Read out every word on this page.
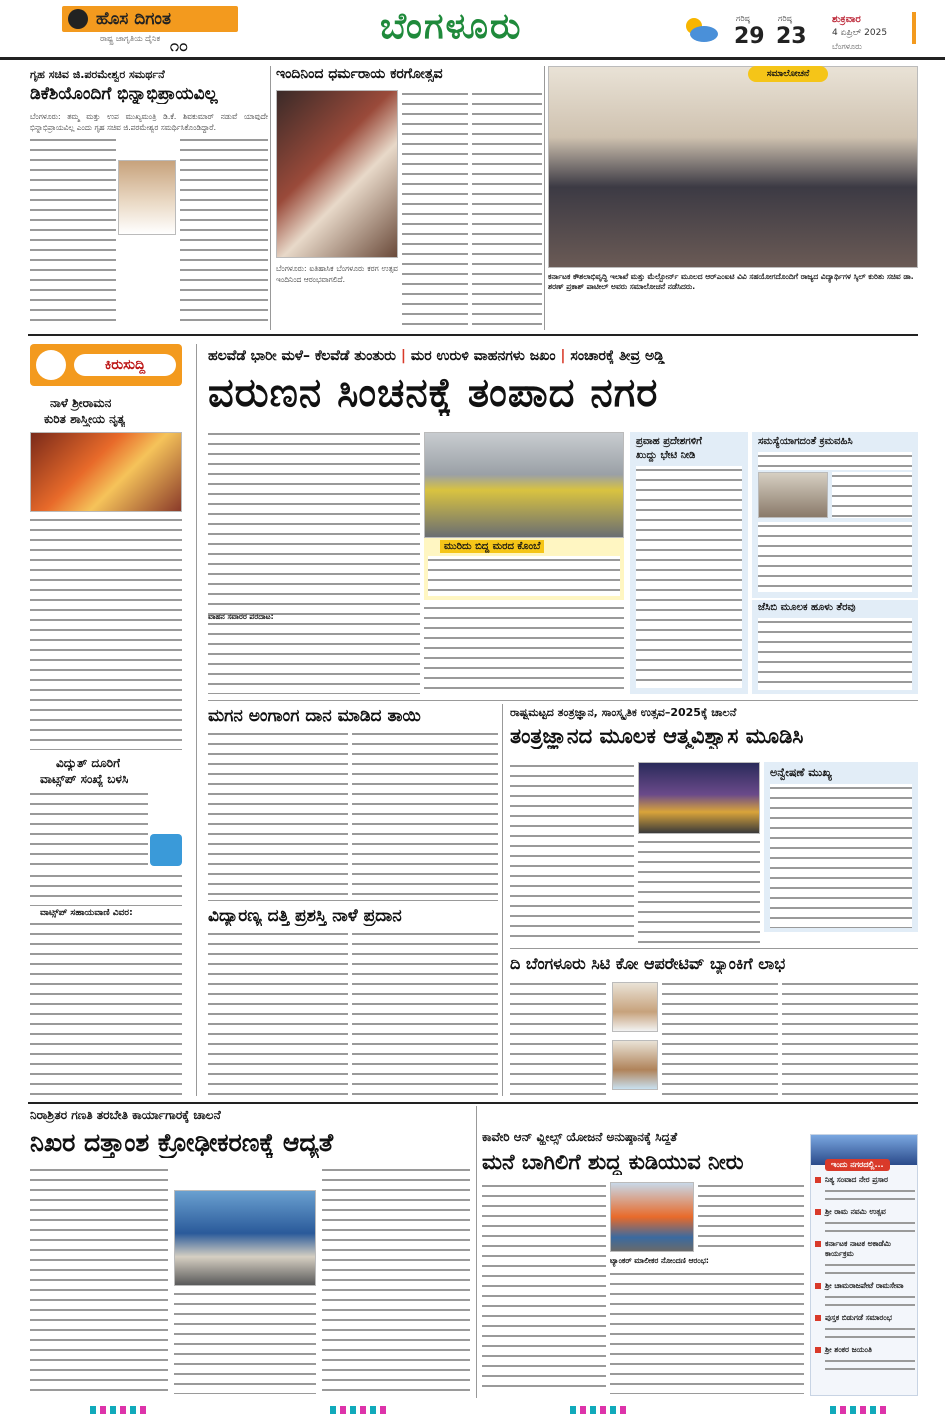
ಹೊಸ ದಿಗಂತ
ರಾಷ್ಟ್ರ ಜಾಗೃತಿಯ ದೈನಿಕ ೧೦	ಬೆಂಗಳೂರು	ಗರಿಷ್ಠ
29
ಗರಿಷ್ಠ
23
ಶುಕ್ರವಾರ
4 ಏಪ್ರಿಲ್ 2025
ಬೆಂಗಳೂರು
ಗೃಹ ಸಚಿವ ಜಿ.ಪರಮೇಶ್ವರ ಸಮರ್ಥನೆ
ಡಿಕೆಶಿಯೊಂದಿಗೆ ಭಿನ್ನಾಭಿಪ್ರಾಯವಿಲ್ಲ
ಬೆಂಗಳೂರು: ತಮ್ಮ ಮತ್ತು ಉಪ ಮುಖ್ಯಮಂತ್ರಿ ಡಿ.ಕೆ. ಶಿವಕುಮಾರ್ ನಡುವೆ ಯಾವುದೇ ಭಿನ್ನಾಭಿಪ್ರಾಯವಿಲ್ಲ ಎಂದು ಗೃಹ ಸಚಿವ ಜಿ.ಪರಮೇಶ್ವರ ಸಮರ್ಥಿಸಿಕೊಂಡಿದ್ದಾರೆ.
ಇಂದಿನಿಂದ ಧರ್ಮರಾಯ ಕರಗೋತ್ಸವ
ಬೆಂಗಳೂರು: ಐತಿಹಾಸಿಕ ಬೆಂಗಳೂರು ಕರಗ ಉತ್ಸವ ಇಂದಿನಿಂದ ಆರಂಭವಾಗಲಿದೆ.
ಸಮಾಲೋಚನೆ
ಕರ್ನಾಟಕ ಕೌಶಲಾಭಿವೃದ್ಧಿ ಇಲಾಖೆ ಮತ್ತು ಮೆಲ್ಬೋರ್ನ್ ಮೂಲದ ಆರ್‌ಎಂಐಟಿ ವಿವಿ ಸಹಯೋಗದೊಂದಿಗೆ ರಾಜ್ಯದ ವಿದ್ಯಾರ್ಥಿಗಳ ಸ್ಕಿಲ್ ಕುರಿತು ಸಚಿವ ಡಾ. ಶರಣ್ ಪ್ರಕಾಶ್ ಪಾಟೀಲ್ ಅವರು ಸಮಾಲೋಚನೆ ನಡೆಸಿದರು.
ಕಿರುಸುದ್ದಿ
ನಾಳೆ ಶ್ರೀರಾಮನ
ಕುರಿತ ಶಾಸ್ತ್ರೀಯ ನೃತ್ಯ
ವಿದ್ಯುತ್ ದೂರಿಗೆ
ವಾಟ್ಸ್‌ಪ್ ಸಂಖ್ಯೆ ಬಳಸಿ
ವಾಟ್ಸ್‌ಪ್ ಸಹಾಯವಾಣಿ ವಿವರ:
ಹಲವೆಡೆ ಭಾರೀ ಮಳೆ– ಕೆಲವೆಡೆ ತುಂತುರು | ಮರ ಉರುಳಿ ವಾಹನಗಳು ಜಖಂ | ಸಂಚಾರಕ್ಕೆ ತೀವ್ರ ಅಡ್ಡಿ
ವರುಣನ ಸಿಂಚನಕ್ಕೆ ತಂಪಾದ ನಗರ
ಮುರಿದು ಬಿದ್ದ ಮರದ ಕೊಂಬೆ
ವಾಹನ ಸವಾರರ ಪರದಾಟ:
ಪ್ರವಾಹ ಪ್ರದೇಶಗಳಿಗೆ
ಖುದ್ದು ಭೇಟಿ ನೀಡಿ
ಸಮಸ್ಯೆಯಾಗದಂತೆ ಕ್ರಮವಹಿಸಿ
ಜೆಸಿಬಿ ಮೂಲಕ ಹೂಳು ತೆರವು
ಮಗನ ಅಂಗಾಂಗ ದಾನ ಮಾಡಿದ ತಾಯಿ
ವಿದ್ಯಾರಣ್ಯ ದತ್ತಿ ಪ್ರಶಸ್ತಿ ನಾಳೆ ಪ್ರದಾನ
ರಾಷ್ಟ್ರಮಟ್ಟದ ತಂತ್ರಜ್ಞಾನ, ಸಾಂಸ್ಕೃತಿಕ ಉತ್ಸವ–2025ಕ್ಕೆ ಚಾಲನೆ
ತಂತ್ರಜ್ಞಾನದ ಮೂಲಕ ಆತ್ಮವಿಶ್ವಾಸ ಮೂಡಿಸಿ
ಅನ್ವೇಷಣೆ ಮುಖ್ಯ
ದಿ ಬೆಂಗಳೂರು ಸಿಟಿ ಕೋ ಆಪರೇಟಿವ್ ಬ್ಯಾಂಕಿಗೆ ಲಾಭ
ನಿರಾಶ್ರಿತರ ಗಣತಿ ತರಬೇತಿ ಕಾರ್ಯಾಗಾರಕ್ಕೆ ಚಾಲನೆ
ನಿಖರ ದತ್ತಾಂಶ ಕ್ರೋಢೀಕರಣಕ್ಕೆ ಆದ್ಯತೆ	ಕಾವೇರಿ ಆನ್ ವ್ಹೀಲ್ಸ್ ಯೋಜನೆ ಅನುಷ್ಠಾನಕ್ಕೆ ಸಿದ್ಧತೆ
ಮನೆ ಬಾಗಿಲಿಗೆ ಶುದ್ಧ ಕುಡಿಯುವ ನೀರು
ಟ್ಯಾಂಕರ್ ಮಾಲೀಕರ ನೋಂದಣಿ ಆರಂಭ:
ಇಂದು ನಗರದಲ್ಲಿ...
ನಿತ್ಯ ಸಂವಾದ ನೇರ ಪ್ರಸಾರ
ಶ್ರೀ ರಾಮ ನವಮಿ ಉತ್ಸವ
ಕರ್ನಾಟಕ ನಾಟಕ ಅಕಾಡೆಮಿ ಕಾರ್ಯಕ್ರಮ
ಶ್ರೀ ಚಾಮರಾಜಪೇಟೆ ರಾಮಸೇವಾ
ಪುಸ್ತಕ ಬಿಡುಗಡೆ ಸಮಾರಂಭ
ಶ್ರೀ ಶಂಕರ ಜಯಂತಿ
